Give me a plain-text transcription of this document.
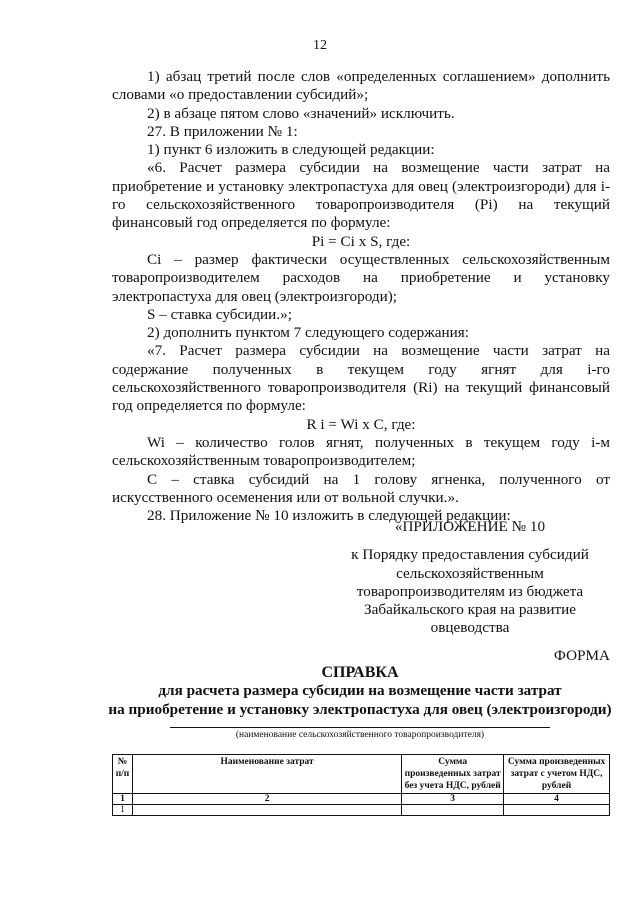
12

1) абзац третий после слов «определенных соглашением» дополнить словами «о предоставлении субсидий»;

2) в абзаце пятом слово «значений» исключить.

27. В приложении № 1:

1) пункт 6 изложить в следующей редакции:

«6. Расчет размера субсидии на возмещение части затрат на приобретение и установку электропастуха для овец (электроизгороди) для i-го сельскохозяйственного товаропроизводителя (Pi) на текущий финансовый год определяется по формуле:

Pi = Ci x S, где:

Ci – размер фактически осуществленных сельскохозяйственным товаропроизводителем расходов на приобретение и установку электропастуха для овец (электроизгороди);

S – ставка субсидии.»;

2) дополнить пунктом 7 следующего содержания:

«7. Расчет размера субсидии на возмещение части затрат на содержание полученных в текущем году ягнят для i-го сельскохозяйственного товаропроизводителя (Ri) на текущий финансовый год определяется по формуле:

R i = Wi x C, где:

Wi – количество голов ягнят, полученных в текущем году i-м сельскохозяйственным товаропроизводителем;

C – ставка субсидий на 1 голову ягненка, полученного от искусственного осеменения или от вольной случки.».

28. Приложение № 10 изложить в следующей редакции:

«ПРИЛОЖЕНИЕ № 10
к Порядку предоставления субсидий сельскохозяйственным товаропроизводителям из бюджета Забайкальского края на развитие овцеводства
ФОРМА
СПРАВКА
для расчета размера субсидии на возмещение части затрат
на приобретение и установку электропастуха для овец (электроизгороди)
(наименование сельскохозяйственного товаропроизводителя)
№ п/п	Наименование затрат	Сумма произведенных затрат без учета НДС, рублей	Сумма произведенных затрат с учетом НДС, рублей
1	2	3	4
1			
